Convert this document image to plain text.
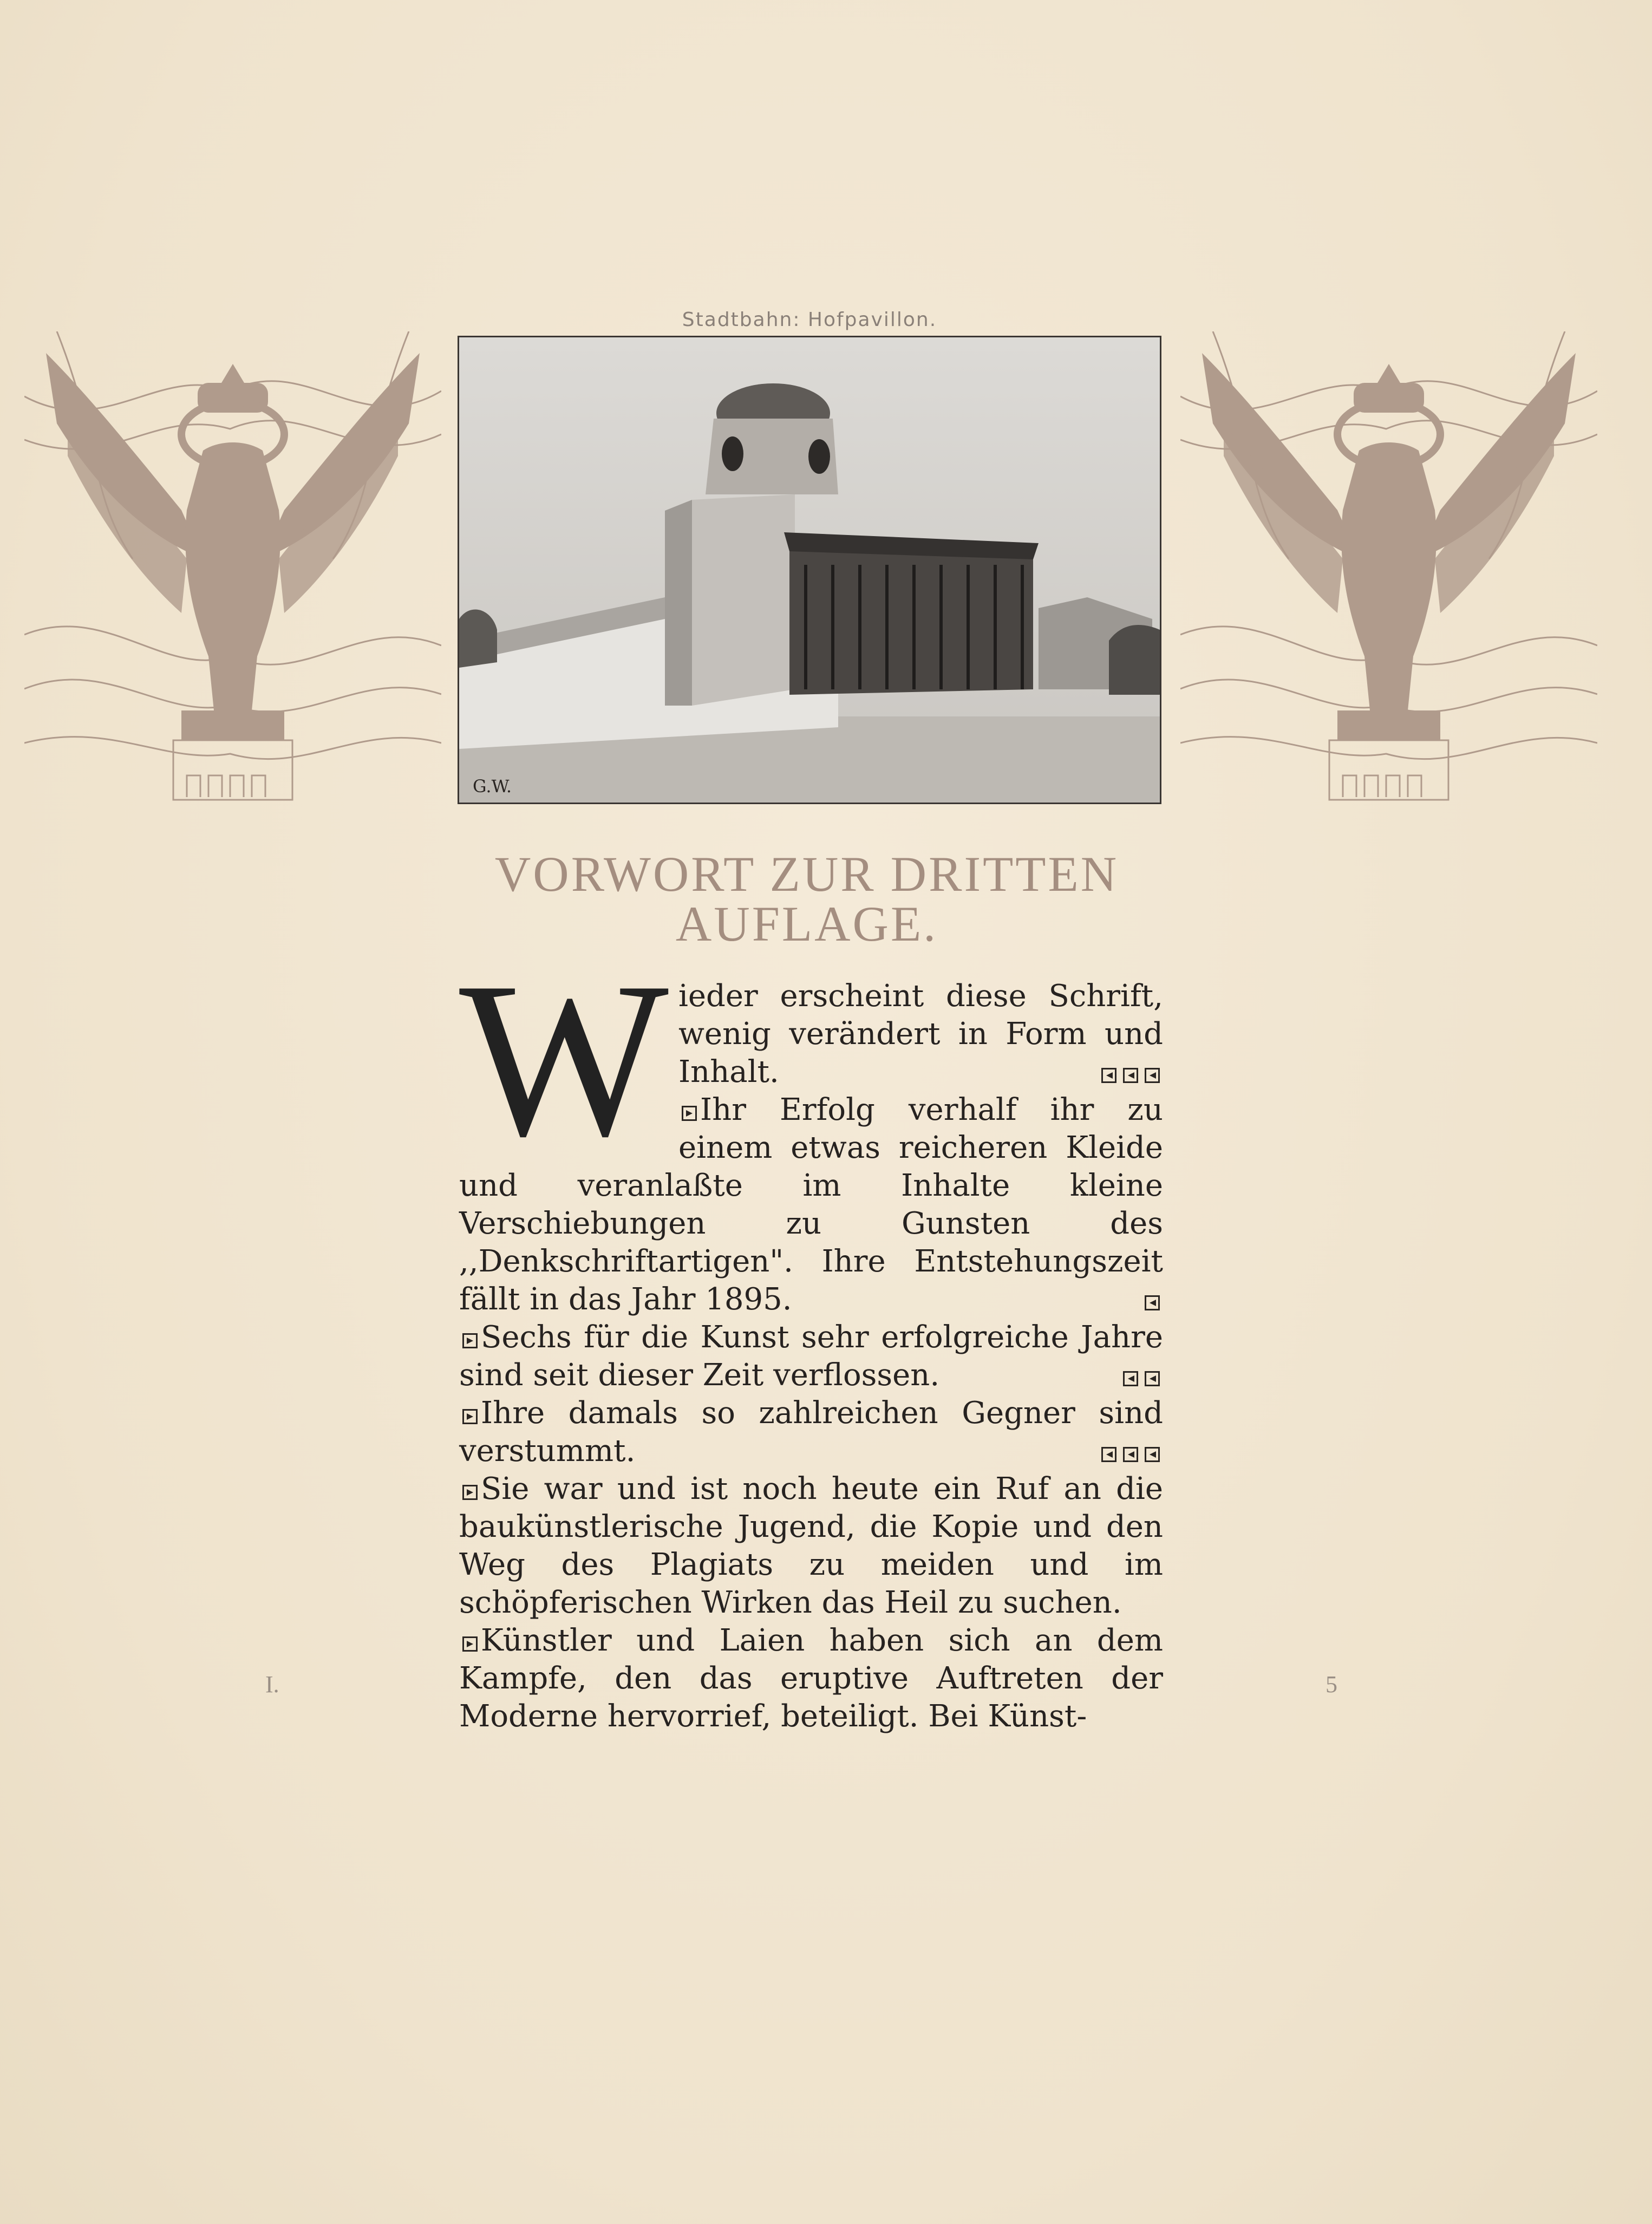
Stadtbahn: Hofpavillon.
G.W.
VORWORT ZUR DRITTEN AUFLAGE.
W ieder erscheint diese Schrift, wenig verändert in Form und Inhalt.

Ihr Erfolg verhalf ihr zu einem etwas reicheren Kleide und veranlaßte im Inhalte kleine Verschiebungen zu Gunsten des ,,Denkschriftartigen". Ihre Entstehungszeit fällt in das Jahr 1895.

Sechs für die Kunst sehr erfolgreiche Jahre sind seit dieser Zeit verflossen.

Ihre damals so zahlreichen Gegner sind verstummt.

Sie war und ist noch heute ein Ruf an die baukünstlerische Jugend, die Kopie und den Weg des Plagiats zu meiden und im schöpferischen Wirken das Heil zu suchen.

Künstler und Laien haben sich an dem Kampfe, den das eruptive Auftreten der Moderne hervorrief, beteiligt. Bei Künst-

I.	5
